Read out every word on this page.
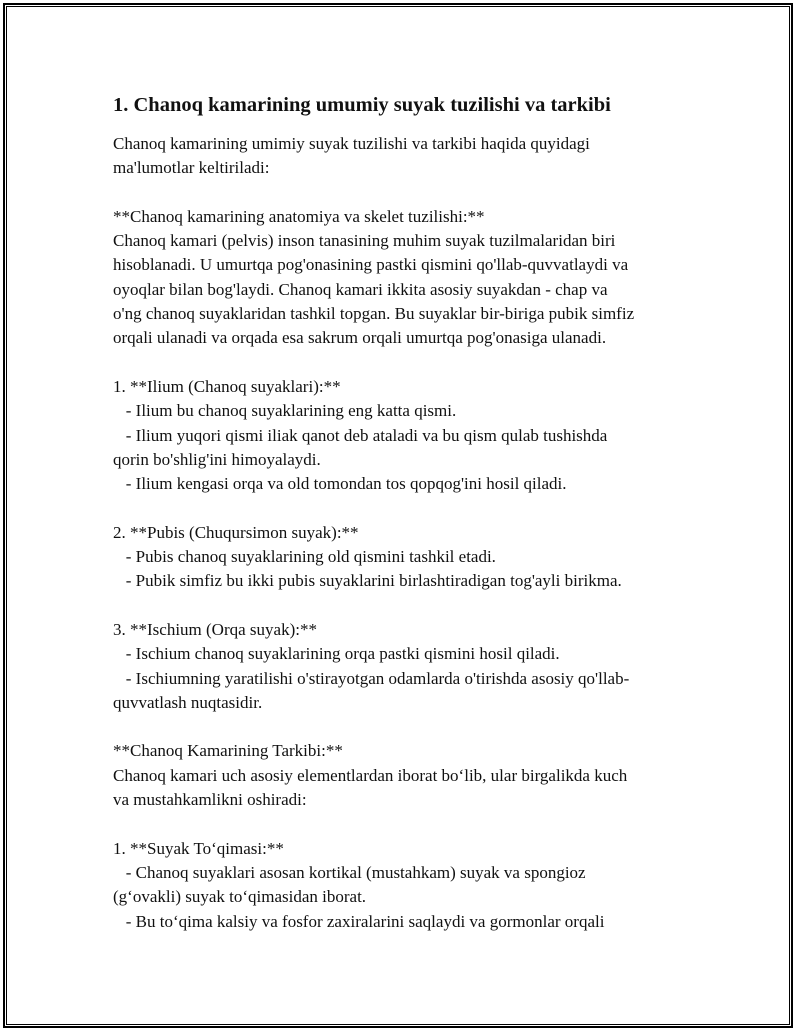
1. Chanoq kamarining umumiy suyak tuzilishi va tarkibi

Chanoq kamarining umimiy suyak tuzilishi va tarkibi haqida quyidagi

ma'lumotlar keltiriladi:

**Chanoq kamarining anatomiya va skelet tuzilishi:**

Chanoq kamari (pelvis) inson tanasining muhim suyak tuzilmalaridan biri

hisoblanadi. U umurtqa pog'onasining pastki qismini qo'llab-quvvatlaydi va

oyoqlar bilan bog'laydi. Chanoq kamari ikkita asosiy suyakdan - chap va

o'ng chanoq suyaklaridan tashkil topgan. Bu suyaklar bir-biriga pubik simfiz

orqali ulanadi va orqada esa sakrum orqali umurtqa pog'onasiga ulanadi.

1. **Ilium (Chanoq suyaklari):**

- Ilium bu chanoq suyaklarining eng katta qismi.

- Ilium yuqori qismi iliak qanot deb ataladi va bu qism qulab tushishda

qorin bo'shlig'ini himoyalaydi.

- Ilium kengasi orqa va old tomondan tos qopqog'ini hosil qiladi.

2. **Pubis (Chuqursimon suyak):**

- Pubis chanoq suyaklarining old qismini tashkil etadi.

- Pubik simfiz bu ikki pubis suyaklarini birlashtiradigan tog'ayli birikma.

3. **Ischium (Orqa suyak):**

- Ischium chanoq suyaklarining orqa pastki qismini hosil qiladi.

- Ischiumning yaratilishi o'stirayotgan odamlarda o'tirishda asosiy qo'llab-

quvvatlash nuqtasidir.

**Chanoq Kamarining Tarkibi:**

Chanoq kamari uch asosiy elementlardan iborat bo‘lib, ular birgalikda kuch

va mustahkamlikni oshiradi:

1. **Suyak To‘qimasi:**

- Chanoq suyaklari asosan kortikal (mustahkam) suyak va spongioz

(g‘ovakli) suyak to‘qimasidan iborat.

- Bu to‘qima kalsiy va fosfor zaxiralarini saqlaydi va gormonlar orqali
